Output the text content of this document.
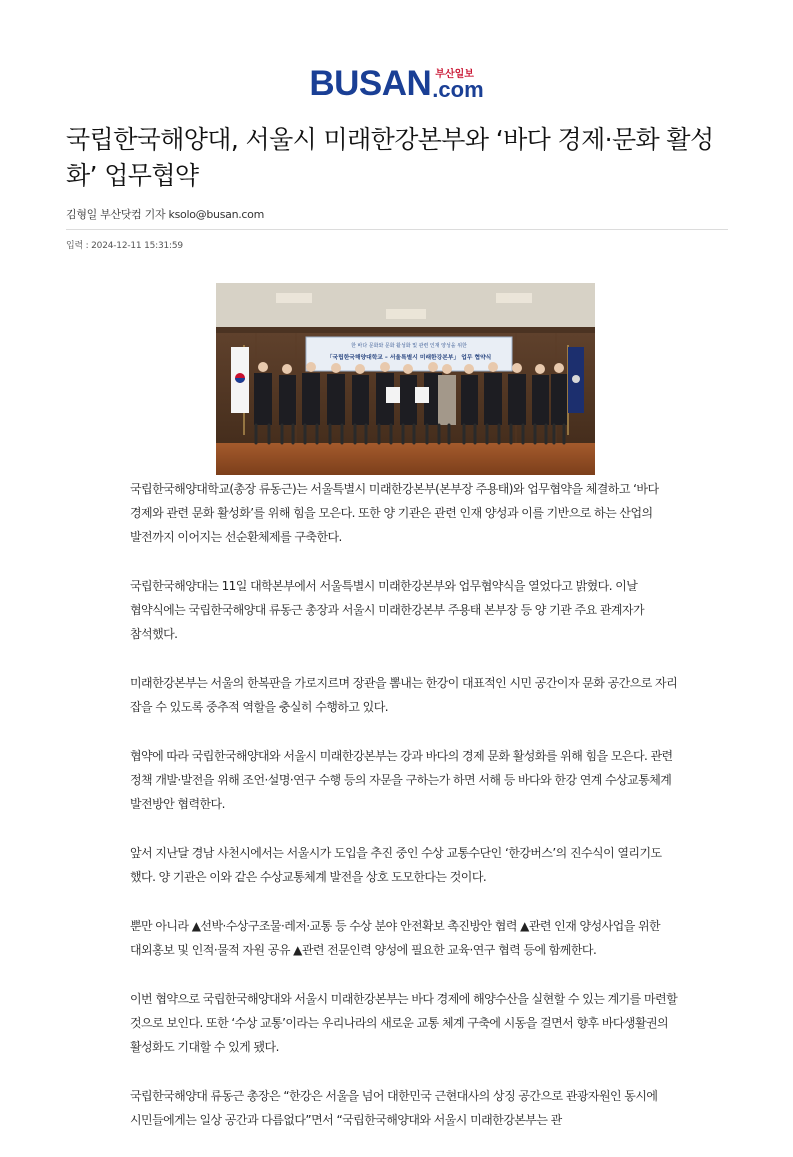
BUSAN 부산일보
.com
국립한국해양대, 서울시 미래한강본부와 ‘바다 경제·문화 활성화’ 업무협약
김형일 부산닷컴 기자 ksolo@busan.com
입력 : 2024-12-11 15:31:59
한 바다 문화와 문화 활성화 및 관련 인재 양성을 위한
「국립한국해양대학교 – 서울특별시 미래한강본부」 업무 협약식

국립한국해양대학교(총장 류동근)는 서울특별시 미래한강본부(본부장 주용태)와 업무협약을 체결하고 ‘바다 경제와 관련 문화 활성화’를 위해 힘을 모은다. 또한 양 기관은 관련 인재 양성과 이를 기반으로 하는 산업의 발전까지 이어지는 선순환체제를 구축한다.

국립한국해양대는 11일 대학본부에서 서울특별시 미래한강본부와 업무협약식을 열었다고 밝혔다. 이날 협약식에는 국립한국해양대 류동근 총장과 서울시 미래한강본부 주용태 본부장 등 양 기관 주요 관계자가 참석했다.

미래한강본부는 서울의 한복판을 가로지르며 장관을 뽐내는 한강이 대표적인 시민 공간이자 문화 공간으로 자리 잡을 수 있도록 중추적 역할을 충실히 수행하고 있다.

협약에 따라 국립한국해양대와 서울시 미래한강본부는 강과 바다의 경제 문화 활성화를 위해 힘을 모은다. 관련 정책 개발·발전을 위해 조언·설명·연구 수행 등의 자문을 구하는가 하면 서해 등 바다와 한강 연계 수상교통체계 발전방안 협력한다.

앞서 지난달 경남 사천시에서는 서울시가 도입을 추진 중인 수상 교통수단인 ‘한강버스’의 진수식이 열리기도 했다. 양 기관은 이와 같은 수상교통체계 발전을 상호 도모한다는 것이다.

뿐만 아니라 ▲선박·수상구조물·레저·교통 등 수상 분야 안전확보 촉진방안 협력 ▲관련 인재 양성사업을 위한 대외홍보 및 인적·물적 자원 공유 ▲관련 전문인력 양성에 필요한 교육·연구 협력 등에 함께한다.

이번 협약으로 국립한국해양대와 서울시 미래한강본부는 바다 경제에 해양수산을 실현할 수 있는 계기를 마련할 것으로 보인다. 또한 ‘수상 교통’이라는 우리나라의 새로운 교통 체계 구축에 시동을 걸면서 향후 바다생활권의 활성화도 기대할 수 있게 됐다.

국립한국해양대 류동근 총장은 “한강은 서울을 넘어 대한민국 근현대사의 상징 공간으로 관광자원인 동시에 시민들에게는 일상 공간과 다름없다”면서 “국립한국해양대와 서울시 미래한강본부는 관
